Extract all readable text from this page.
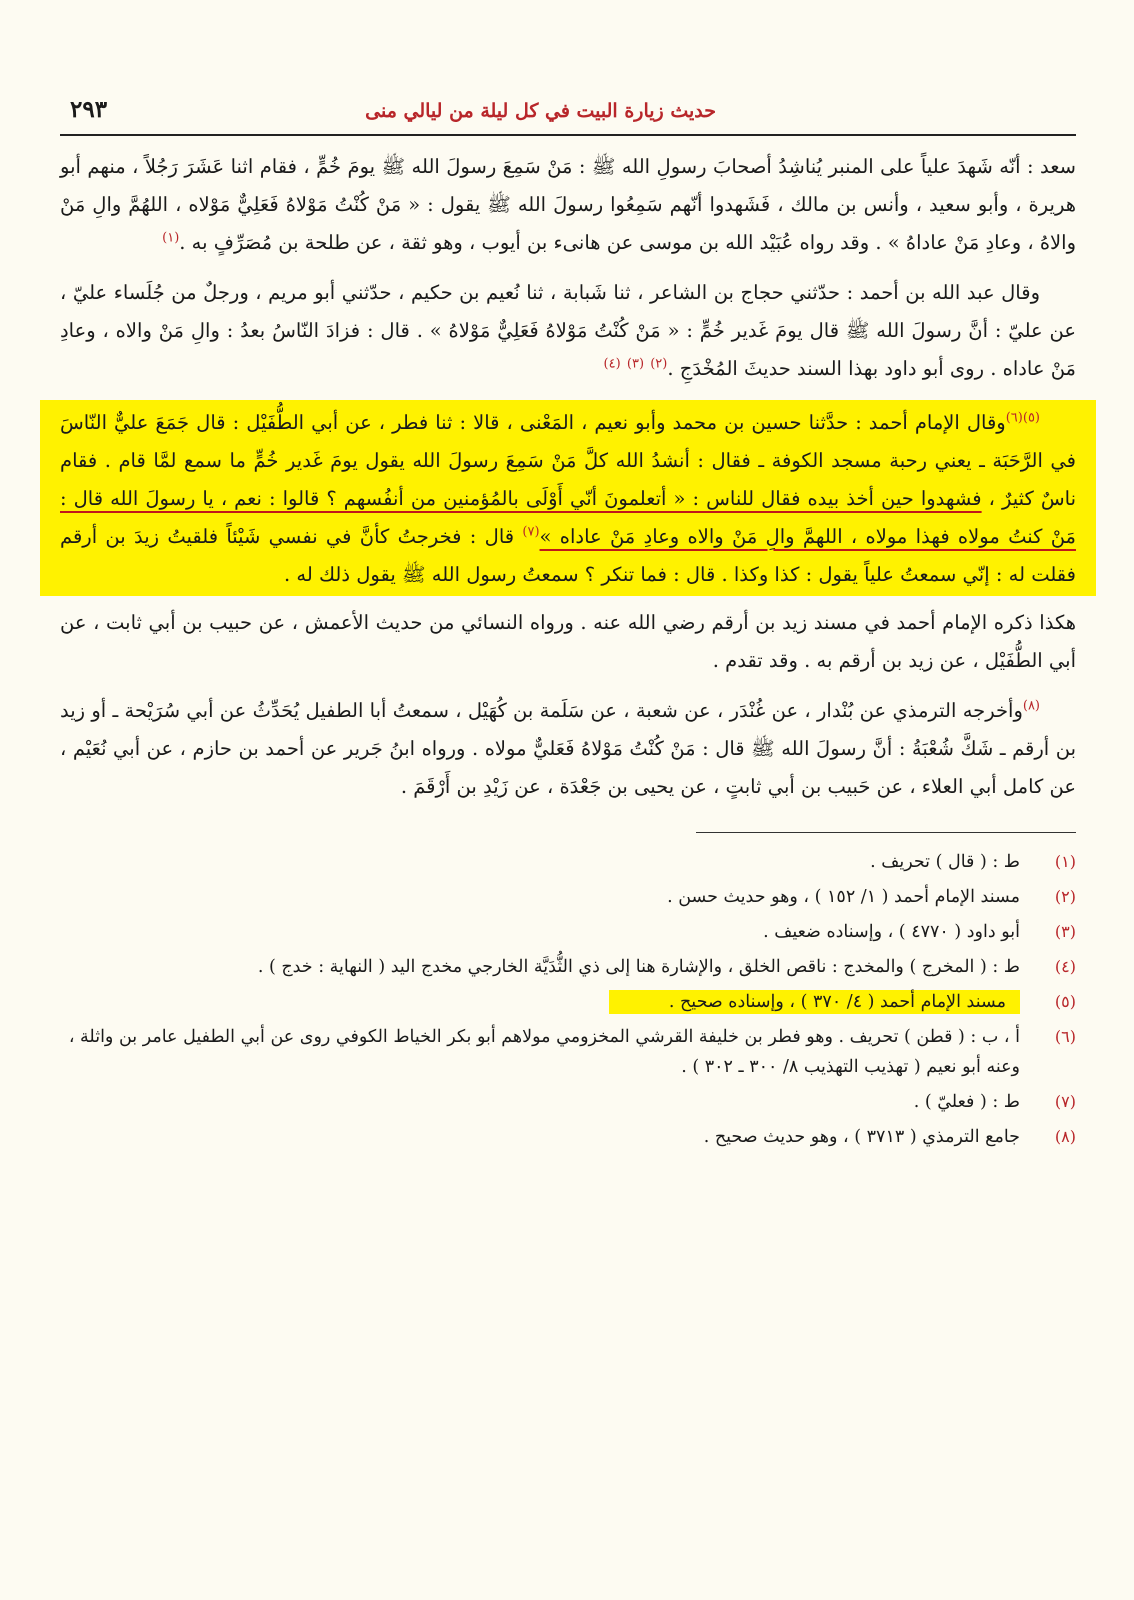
حديث زيارة البيت في كل ليلة من ليالي منى
٢٩٣

سعد : أنّه شَهدَ علياً على المنبر يُناشِدُ أصحابَ رسولِ الله ﷺ : مَنْ سَمِعَ رسولَ الله ﷺ يومَ خُمٍّ ، فقام اثنا عَشَرَ رَجُلاً ، منهم أبو هريرة ، وأبو سعيد ، وأنس بن مالك ، فَشَهدوا أنّهم سَمِعُوا رسولَ الله ﷺ يقول : « مَنْ كُنْتُ مَوْلاهُ فَعَلِيٌّ مَوْلاه ، اللهُمَّ والِ مَنْ والاهُ ، وعادِ مَنْ عاداهُ » . وقد رواه عُبَيْد الله بن موسى عن هانىء بن أيوب ، وهو ثقة ، عن طلحة بن مُصَرِّفٍ به .$^{(١)}$

وقال عبد الله بن أحمد : حدّثني حجاج بن الشاعر ، ثنا شَبابة ، ثنا نُعيم بن حكيم ، حدّثني أبو مريم ، ورجلٌ من جُلَساء عليّ ، عن عليّ : أنَّ رسولَ الله ﷺ قال يومَ غَدير خُمٍّ : « مَنْ كُنْتُ مَوْلاهُ فَعَلِيٌّ مَوْلاهُ » . قال : فزادَ النّاسُ بعدُ : والِ مَنْ والاه ، وعادِ مَنْ عاداه . روى أبو داود بهذا السند حديثَ المُخْدَجِ .$^{(٢)}$ $^{(٣)}$ $^{(٤)}$

$^{(٥)(٦)}$وقال الإمام أحمد : حدَّثنا حسين بن محمد وأبو نعيم ، المَعْنى ، قالا : ثنا فطر ، عن أبي الطُّفَيْل : قال جَمَعَ عليٌّ النّاسَ في الرَّحَبَة ـ يعني رحبة مسجد الكوفة ـ فقال : أنشدُ الله كلَّ مَنْ سَمِعَ رسولَ الله يقول يومَ غَدير خُمٍّ ما سمع لمَّا قام . فقام ناسٌ كثيرٌ ، فشهدوا حين أخذ بيده فقال للناس : « أتعلمونَ أنّي أَوْلَى بالمُؤمنين من أنفُسهم ؟ قالوا : نعم ، يا رسولَ الله قال : مَنْ كنتُ مولاه فهذا مولاه ، اللهمَّ والِ مَنْ والاه وعادِ مَنْ عاداه »$^{(٧)}$ قال : فخرجتُ كأنَّ في نفسي شَيْئاً فلقيتُ زيدَ بن أرقم فقلت له : إنّي سمعتُ علياً يقول : كذا وكذا . قال : فما تنكر ؟ سمعتُ رسول الله ﷺ يقول ذلك له .

هكذا ذكره الإمام أحمد في مسند زيد بن أرقم رضي الله عنه . ورواه النسائي من حديث الأعمش ، عن حبيب بن أبي ثابت ، عن أبي الطُّفَيْل ، عن زيد بن أرقم به . وقد تقدم .

$^{(٨)}$وأخرجه الترمذي عن بُنْدار ، عن غُنْدَر ، عن شعبة ، عن سَلَمة بن كُهَيْل ، سمعتُ أبا الطفيل يُحَدِّثُ عن أبي سُرَيْحة ـ أو زيد بن أرقم ـ شَكَّ شُعْبَةُ : أنَّ رسولَ الله ﷺ قال : مَنْ كُنْتُ مَوْلاهُ فَعَليٌّ مولاه . ورواه ابنُ جَرير عن أحمد بن حازم ، عن أبي نُعَيْم ، عن كامل أبي العلاء ، عن حَبيب بن أبي ثابتٍ ، عن يحيى بن جَعْدَة ، عن زَيْدِ بن أَرْقَمَ .

(١)
ط : ( قال ) تحريف .
(٢)
مسند الإمام أحمد ( ١/ ١٥٢ ) ، وهو حديث حسن .
(٣)
أبو داود ( ٤٧٧٠ ) ، وإسناده ضعيف .
(٤)
ط : ( المخرج ) والمخدج : ناقص الخلق ، والإشارة هنا إلى ذي الثُّدَيَّة الخارجي مخدج اليد ( النهاية : خدج ) .
(٥)
مسند الإمام أحمد ( ٤/ ٣٧٠ ) ، وإسناده صحيح .
(٦)
أ ، ب : ( قطن ) تحريف . وهو فطر بن خليفة القرشي المخزومي مولاهم أبو بكر الخياط الكوفي روى عن أبي الطفيل عامر بن واثلة ، وعنه أبو نعيم ( تهذيب التهذيب ٨/ ٣٠٠ ـ ٣٠٢ ) .
(٧)
ط : ( فعليّ ) .
(٨)
جامع الترمذي ( ٣٧١٣ ) ، وهو حديث صحيح .
